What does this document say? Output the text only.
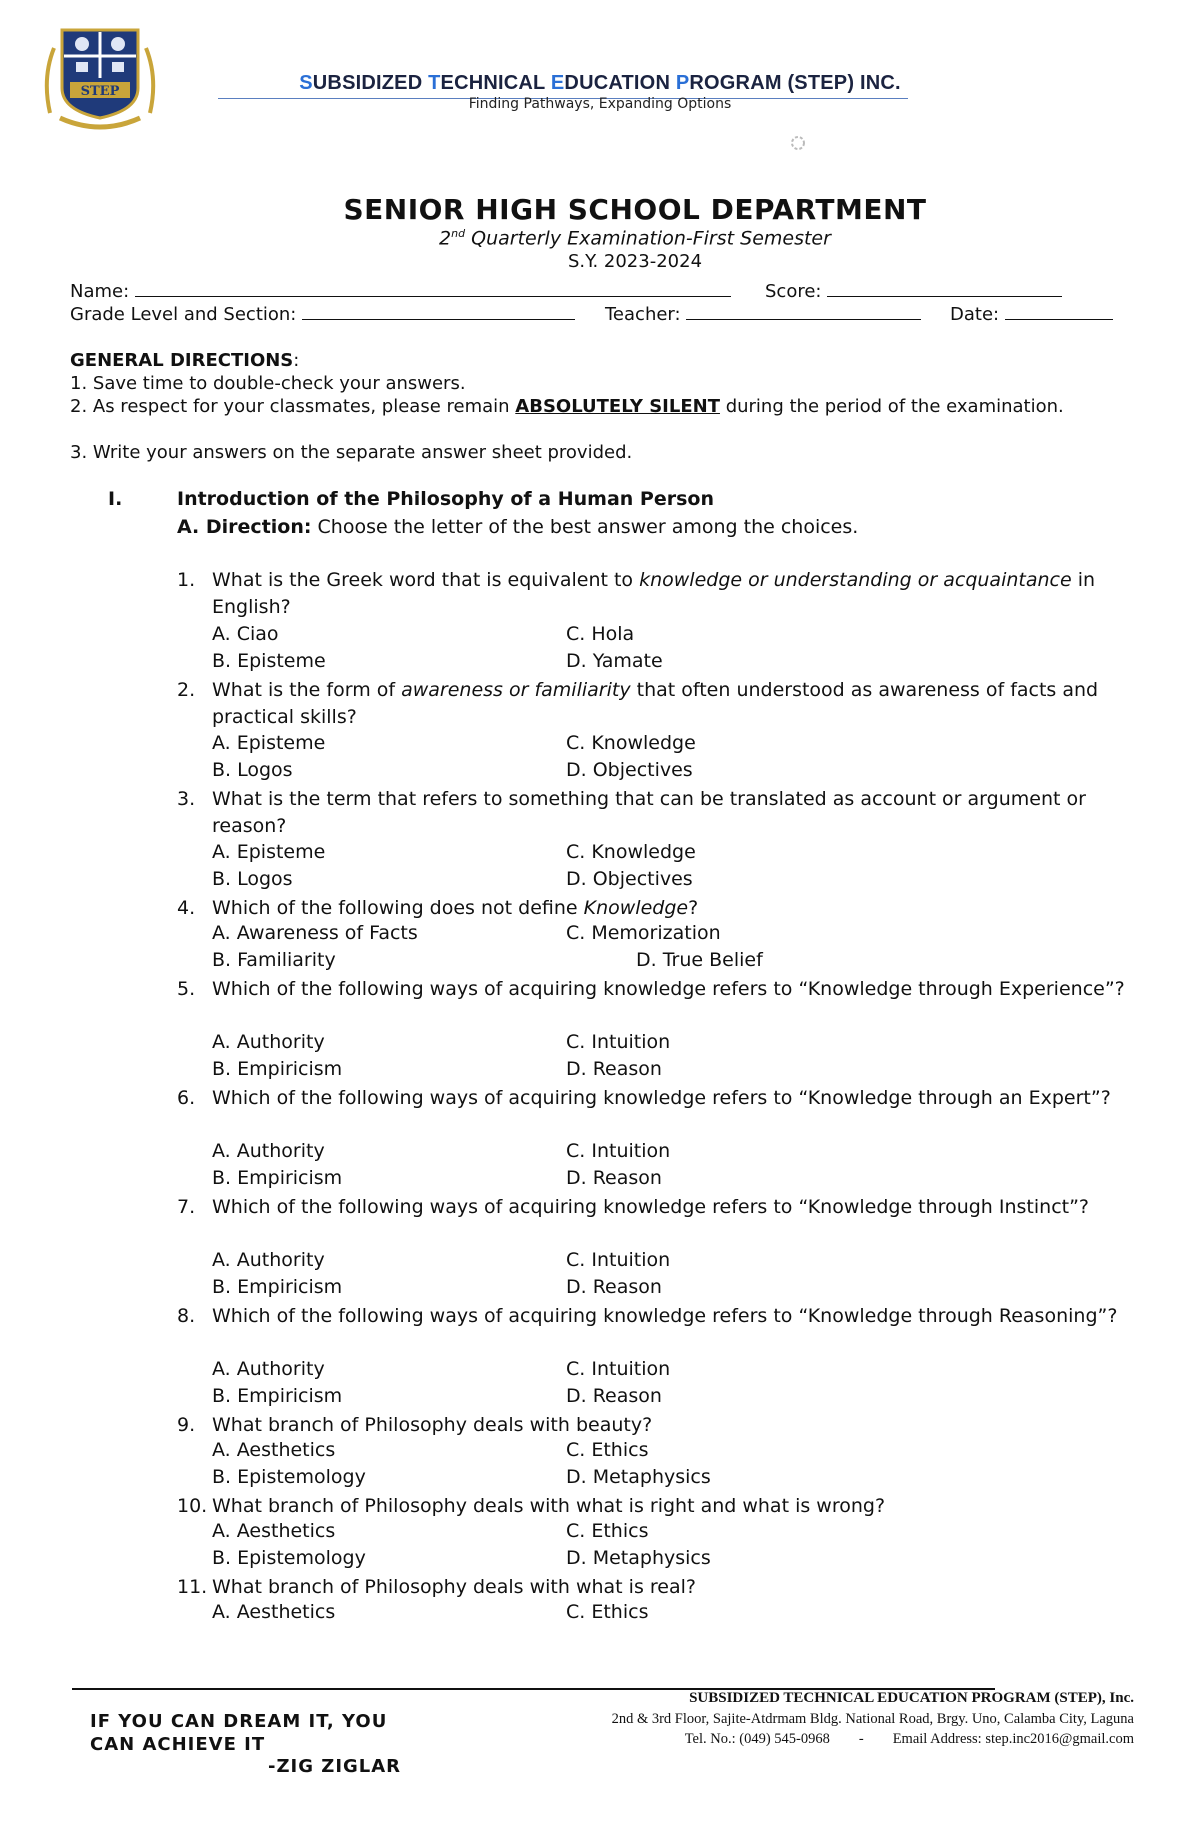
STEP	SUBSIDIZED TECHNICAL EDUCATION PROGRAM (STEP) INC.
Finding Pathways, Expanding Options
SENIOR HIGH SCHOOL DEPARTMENT
2nd Quarterly Examination-First Semester
S.Y. 2023-2024
Name:	Score:
Grade Level and Section:	Teacher:	Date:
GENERAL DIRECTIONS:
1. Save time to double-check your answers.
2. As respect for your classmates, please remain ABSOLUTELY SILENT during the period of the examination.
3. Write your answers on the separate answer sheet provided.
I.	Introduction of the Philosophy of a Human Person
A. Direction: Choose the letter of the best answer among the choices.
1. What is the Greek word that is equivalent to knowledge or understanding or acquaintance in English?
A. Ciao	C. Hola
B. Episteme	D. Yamate
2. What is the form of awareness or familiarity that often understood as awareness of facts and practical skills?
A. Episteme	C. Knowledge
B. Logos	D. Objectives
3. What is the term that refers to something that can be translated as account or argument or reason?
A. Episteme	C. Knowledge
B. Logos	D. Objectives
4. Which of the following does not define Knowledge?
A. Awareness of Facts	C. Memorization
B. Familiarity	D. True Belief
5. Which of the following ways of acquiring knowledge refers to “Knowledge through Experience”?
A. Authority	C. Intuition
B. Empiricism	D. Reason
6. Which of the following ways of acquiring knowledge refers to “Knowledge through an Expert”?
A. Authority	C. Intuition
B. Empiricism	D. Reason
7. Which of the following ways of acquiring knowledge refers to “Knowledge through Instinct”?
A. Authority	C. Intuition
B. Empiricism	D. Reason
8. Which of the following ways of acquiring knowledge refers to “Knowledge through Reasoning”?
A. Authority	C. Intuition
B. Empiricism	D. Reason
9. What branch of Philosophy deals with beauty?
A. Aesthetics	C. Ethics
B. Epistemology	D. Metaphysics
10. What branch of Philosophy deals with what is right and what is wrong?
A. Aesthetics	C. Ethics
B. Epistemology	D. Metaphysics
11. What branch of Philosophy deals with what is real?
A. Aesthetics	C. Ethics
IF YOU CAN DREAM IT, YOU
CAN ACHIEVE IT
-ZIG ZIGLAR
SUBSIDIZED TECHNICAL EDUCATION PROGRAM (STEP), Inc.
2nd & 3rd Floor, Sajite-Atdrmam Bldg. National Road, Brgy. Uno, Calamba City, Laguna
Tel. No.: (049) 545-0968 - Email Address: step.inc2016@gmail.com
